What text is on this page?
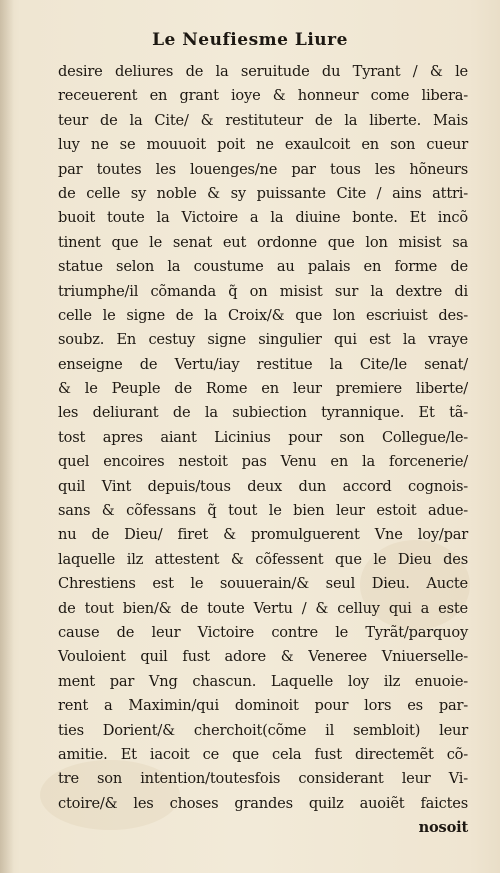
Le Neufiesme Liure
desire deliures de la seruitude du Tyrant / & le
receuerent en grant ioye & honneur come libera-
teur de la Cite/ & restituteur de la liberte. Mais
luy ne se mouuoit poit ne exaulcoit en son cueur
par toutes les louenges/ne par tous les hõneurs
de celle sy noble & sy puissante Cite / ains attri-
buoit toute la Victoire a la diuine bonte. Et incõ
tinent que le senat eut ordonne que lon misist sa
statue selon la coustume au palais en forme de
triumphe/il cõmanda q̃ on misist sur la dextre di
celle le signe de la Croix/& que lon escriuist des-
soubz. En cestuy signe singulier qui est la vraye
enseigne de Vertu/iay restitue la Cite/le senat/
& le Peuple de Rome en leur premiere liberte/
les deliurant de la subiection tyrannique. Et tã-
tost apres aiant Licinius pour son Collegue/le-
quel encoires nestoit pas Venu en la forcenerie/
quil Vint depuis/tous deux dun accord cognois-
sans & cõfessans q̃ tout le bien leur estoit adue-
nu de Dieu/ firet & promulguerent Vne loy/par
laquelle ilz attestent & cõfessent que le Dieu des
Chrestiens est le souuerain/& seul Dieu. Aucte
de tout bien/& de toute Vertu / & celluy qui a este
cause de leur Victoire contre le Tyrãt/parquoy
Vouloient quil fust adore & Veneree Vniuerselle-
ment par Vng chascun. Laquelle loy ilz enuoie-
rent a Maximin/qui dominoit pour lors es par-
ties Dorient/& cherchoit(cõme il sembloit) leur
amitie. Et iacoit ce que cela fust directemẽt cõ-
tre son intention/toutesfois considerant leur Vi-
ctoire/& les choses grandes quilz auoiẽt faictes
nosoit
